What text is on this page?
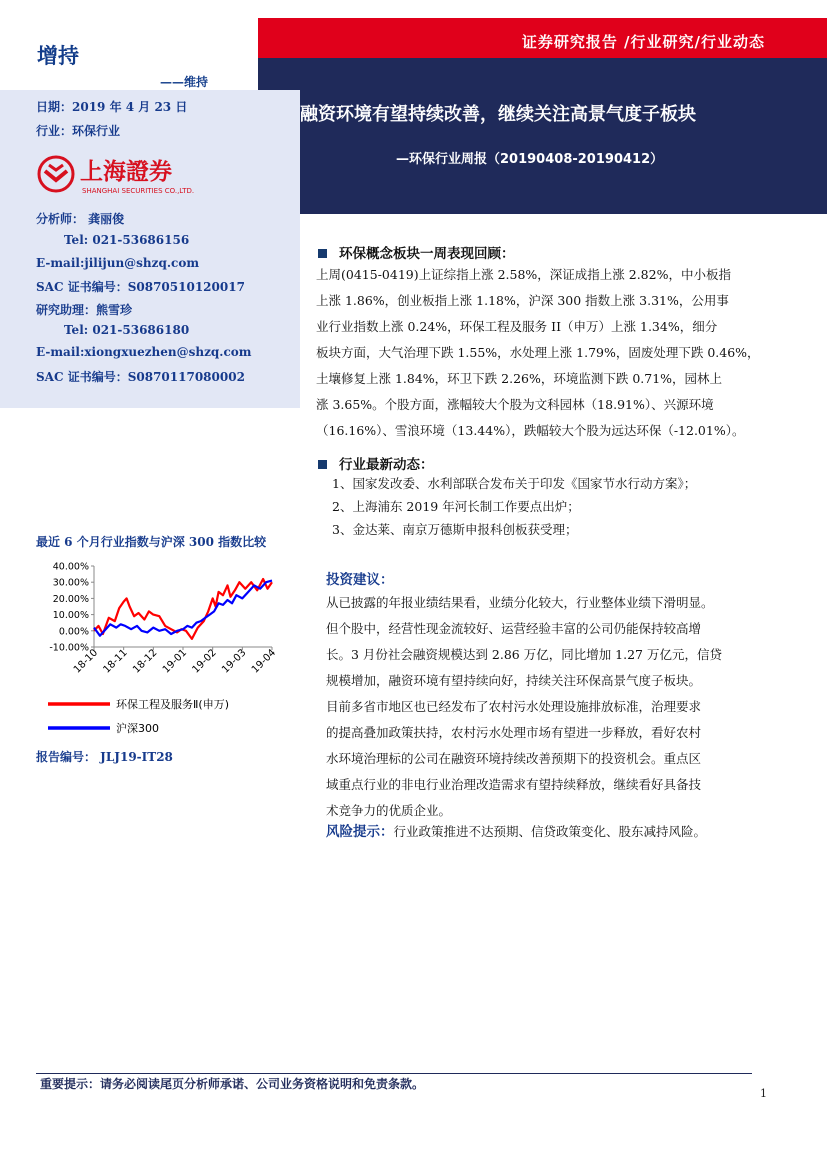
证券研究报告 /行业研究/行业动态
融资环境有望持续改善，继续关注高景气度子板块
—环保行业周报（20190408-20190412）
增持
——维持
日期：2019 年 4 月 23 日
行业：环保行业
上海證券
SHANGHAI SECURITIES CO.,LTD.
分析师： 龚丽俊
Tel: 021-53686156
E-mail:jilijun@shzq.com
SAC 证书编号：S0870510120017
研究助理：熊雪珍
Tel: 021-53686180
E-mail:xiongxuezhen@shzq.com
SAC 证书编号：S0870117080002
环保概念板块一周表现回顾：
上周(0415-0419)上证综指上涨 2.58%，深证成指上涨 2.82%，中小板指
上涨 1.86%，创业板指上涨 1.18%，沪深 300 指数上涨 3.31%，公用事
业行业指数上涨 0.24%，环保工程及服务 II（申万）上涨 1.34%，细分
板块方面，大气治理下跌 1.55%，水处理上涨 1.79%，固废处理下跌 0.46%，
土壤修复上涨 1.84%，环卫下跌 2.26%，环境监测下跌 0.71%，园林上
涨 3.65%。个股方面，涨幅较大个股为文科园林（18.91%）、兴源环境
（16.16%）、雪浪环境（13.44%），跌幅较大个股为远达环保（-12.01%）。
行业最新动态：
1、国家发改委、水利部联合发布关于印发《国家节水行动方案》；
2、上海浦东 2019 年河长制工作要点出炉；
3、金达莱、南京万德斯申报科创板获受理；
投资建议：
从已披露的年报业绩结果看，业绩分化较大，行业整体业绩下滑明显。
但个股中，经营性现金流较好、运营经验丰富的公司仍能保持较高增
长。3 月份社会融资规模达到 2.86 万亿，同比增加 1.27 万亿元，信贷
规模增加，融资环境有望持续向好，持续关注环保高景气度子板块。
目前多省市地区也已经发布了农村污水处理设施排放标准，治理要求
的提高叠加政策扶持，农村污水处理市场有望进一步释放，看好农村
水环境治理标的公司在融资环境持续改善预期下的投资机会。重点区
域重点行业的非电行业治理改造需求有望持续释放，继续看好具备技
术竞争力的优质企业。
风险提示：行业政策推进不达预期、信贷政策变化、股东减持风险。
最近 6 个月行业指数与沪深 300 指数比较
40.00%
30.00%
20.00%
10.00%
0.00%
-10.00%
18-10 18-11 18-12 19-01 19-02 19-03 19-04
环保工程及服务Ⅱ(申万)
沪深300
报告编号： JLJ19-IT28
重要提示：请务必阅读尾页分析师承诺、公司业务资格说明和免责条款。
1
